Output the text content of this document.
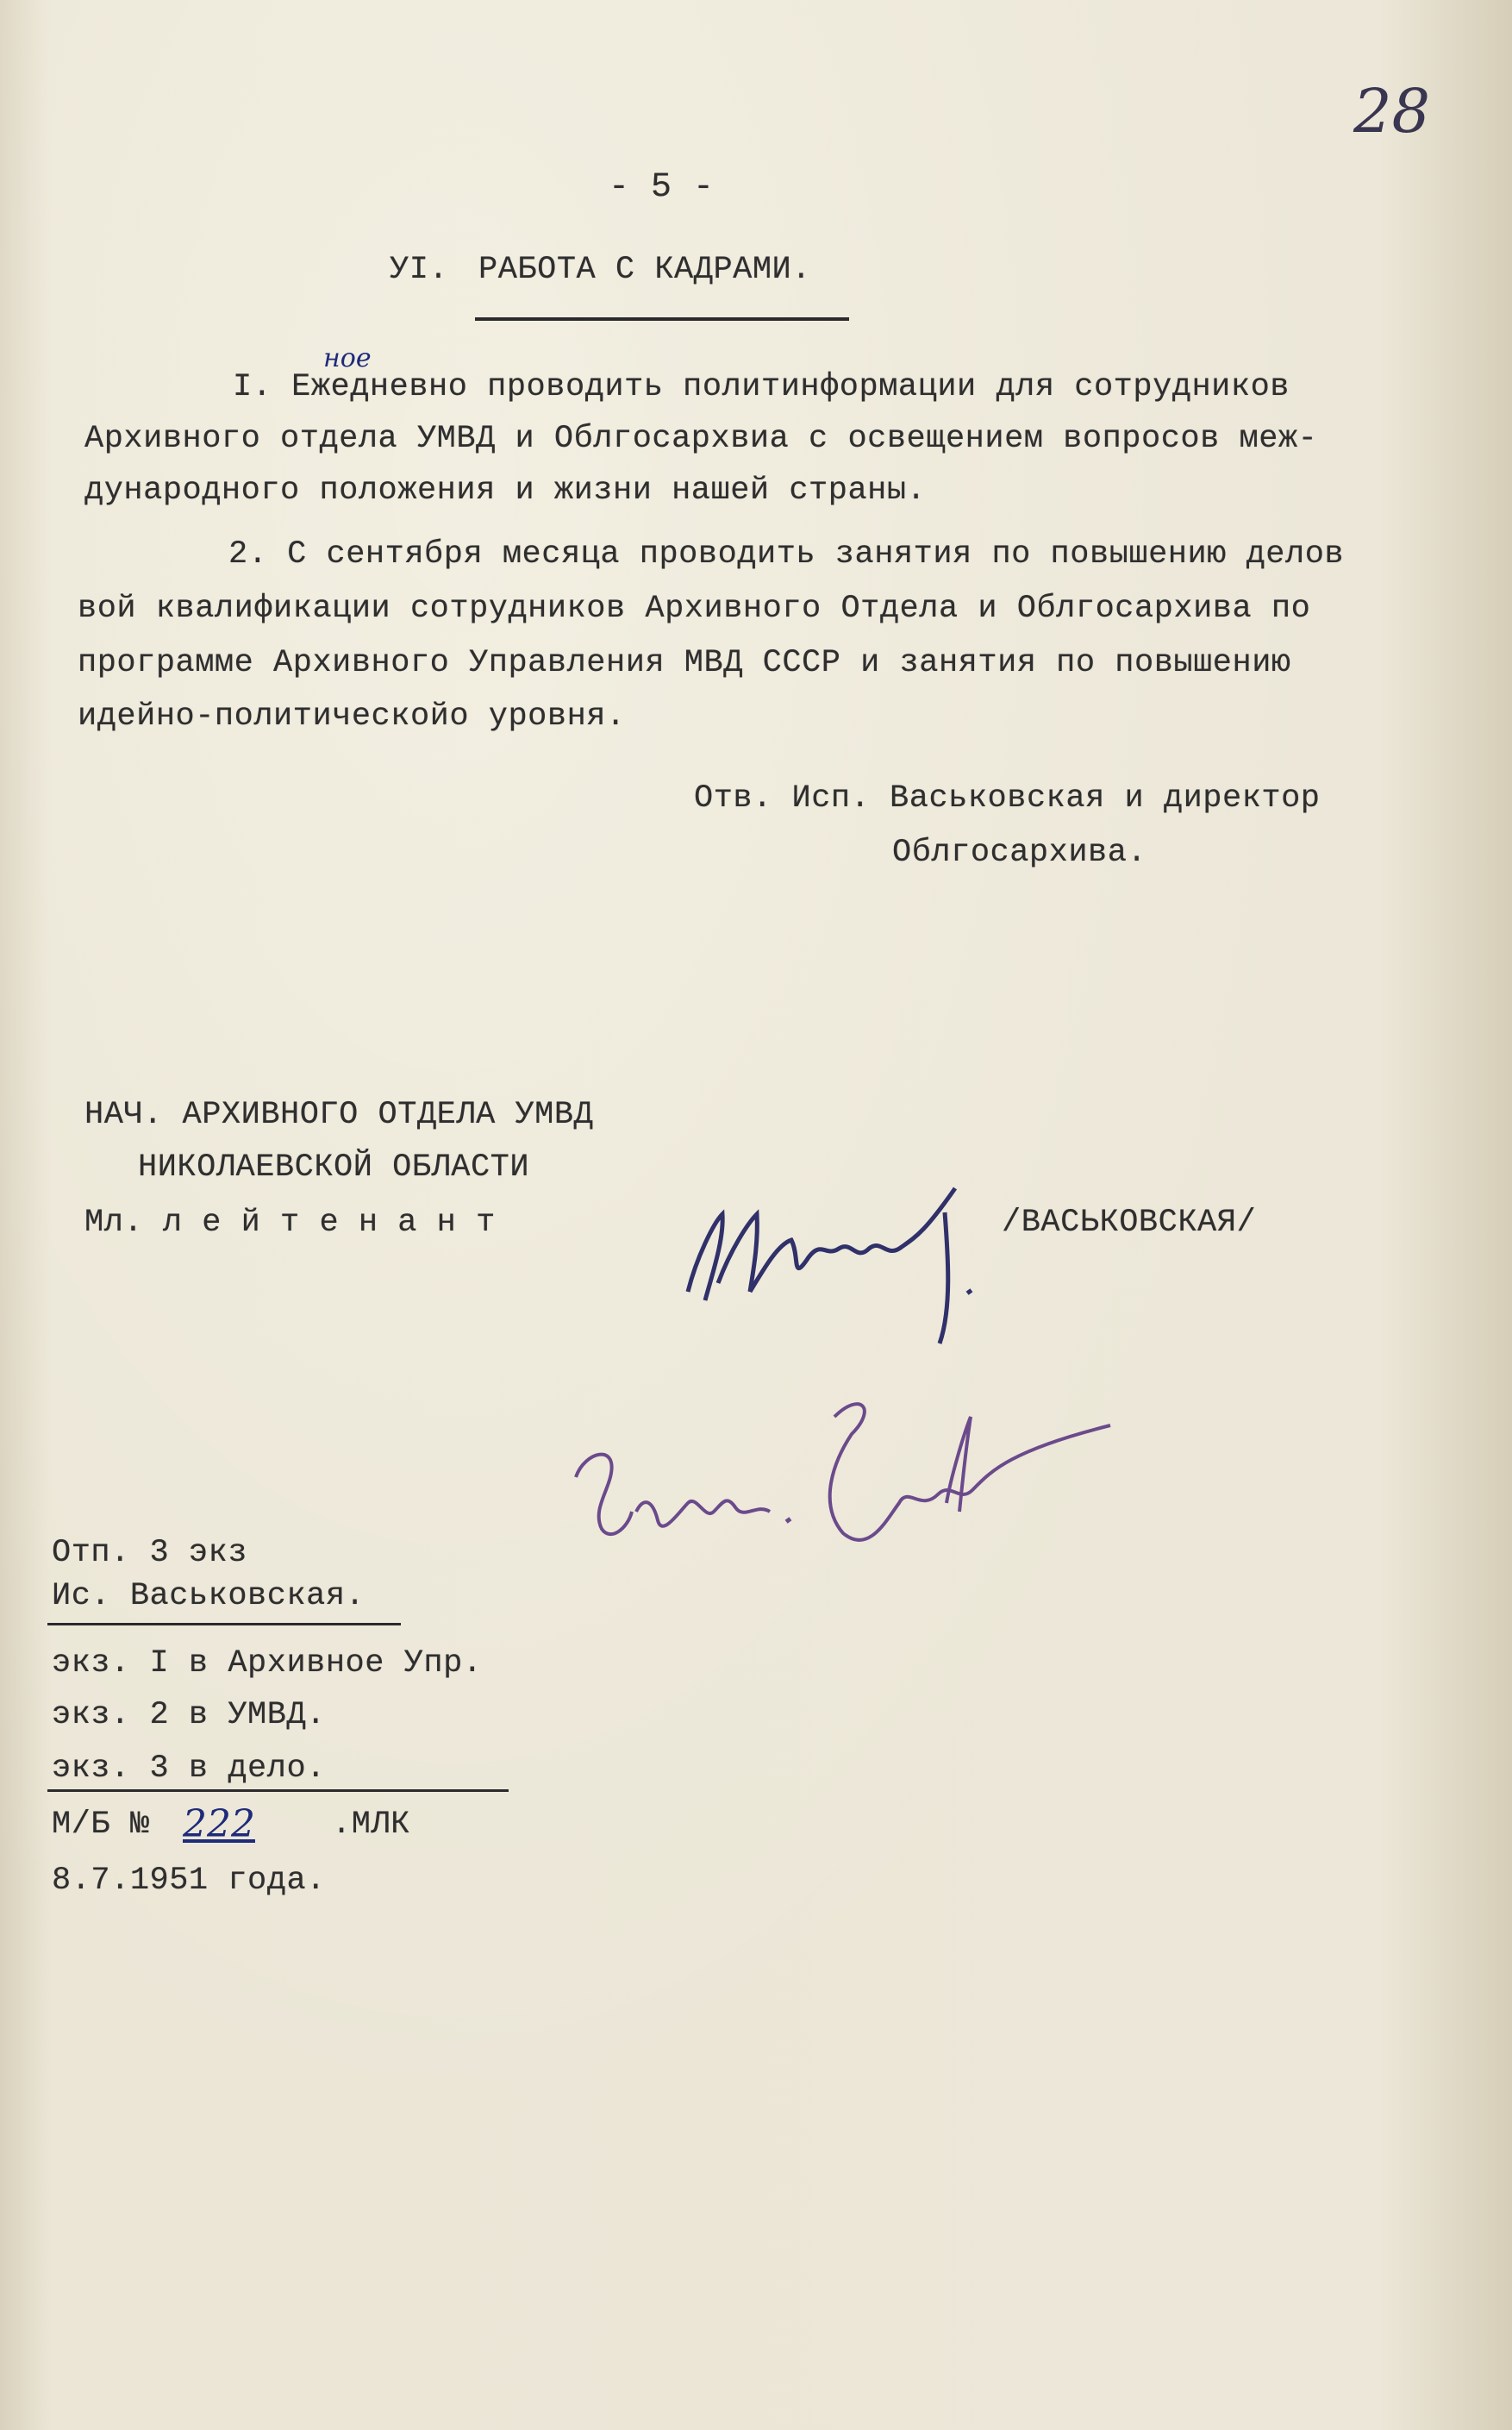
28
- 5 -
УI. РАБОТА С КАДРАМИ.
ное
I. Ежедневно проводить политинформации для сотрудников
Архивного отдела УМВД и Облгосархвиа с освещением вопросов меж-
дународного положения и жизни нашей страны.
2. С сентября месяца проводить занятия по повышению делов
вой квалификации сотрудников Архивного Отдела и Облгосархива по
программе Архивного Управления МВД СССР и занятия по повышению
идейно-политическойо уровня.
Отв. Исп. Васьковская и директор
Облгосархива.
НАЧ. АРХИВНОГО ОТДЕЛА УМВД
НИКОЛАЕВСКОЙ ОБЛАСТИ
Мл. л е й т е н а н т	/ВАСЬКОВСКАЯ/

Отп. 3 экз
Ис. Васьковская.
экз. I в Архивное Упр.
экз. 2 в УМВД.
экз. 3 в дело.
М/Б № 222 .МЛК
8.7.1951 года.
